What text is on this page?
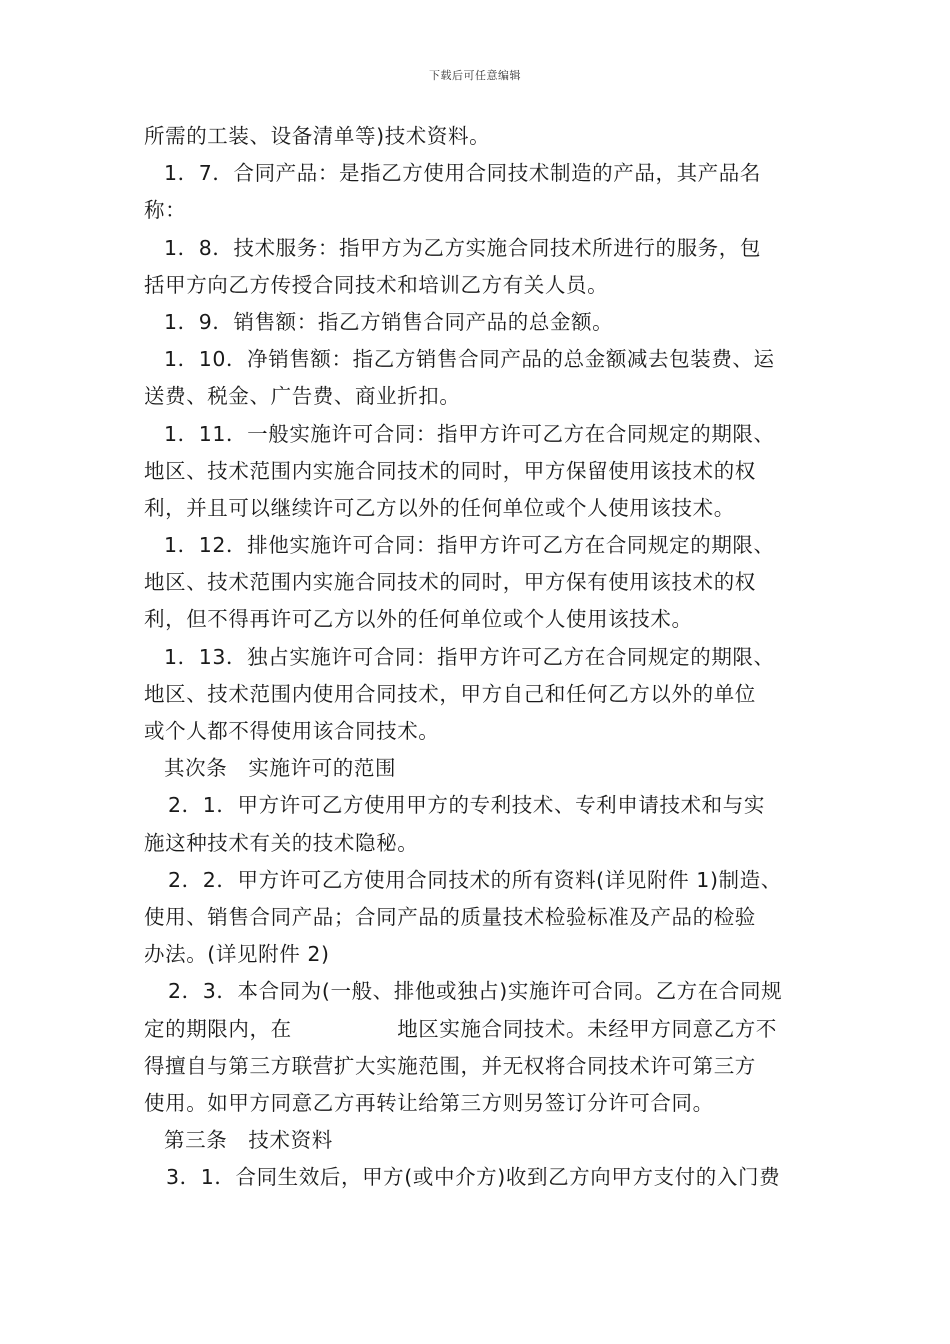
下载后可任意编辑
所需的工装、设备清单等)技术资料。
1．7．合同产品：是指乙方使用合同技术制造的产品，其产品名
称：
1．8．技术服务：指甲方为乙方实施合同技术所进行的服务，包
括甲方向乙方传授合同技术和培训乙方有关人员。
1．9．销售额：指乙方销售合同产品的总金额。
1．10．净销售额：指乙方销售合同产品的总金额减去包装费、运
送费、税金、广告费、商业折扣。
1．11．一般实施许可合同：指甲方许可乙方在合同规定的期限、
地区、技术范围内实施合同技术的同时，甲方保留使用该技术的权
利，并且可以继续许可乙方以外的任何单位或个人使用该技术。
1．12．排他实施许可合同：指甲方许可乙方在合同规定的期限、
地区、技术范围内实施合同技术的同时，甲方保有使用该技术的权
利，但不得再许可乙方以外的任何单位或个人使用该技术。
1．13．独占实施许可合同：指甲方许可乙方在合同规定的期限、
地区、技术范围内使用合同技术，甲方自己和任何乙方以外的单位
或个人都不得使用该合同技术。
其次条　实施许可的范围
2．1．甲方许可乙方使用甲方的专利技术、专利申请技术和与实
施这种技术有关的技术隐秘。
2．2．甲方许可乙方使用合同技术的所有资料(详见附件 1)制造、
使用、销售合同产品；合同产品的质量技术检验标准及产品的检验
办法。(详见附件 2)
2．3．本合同为(一般、排他或独占)实施许可合同。乙方在合同规
定的期限内，在　　　　　地区实施合同技术。未经甲方同意乙方不
得擅自与第三方联营扩大实施范围，并无权将合同技术许可第三方
使用。如甲方同意乙方再转让给第三方则另签订分许可合同。
第三条　技术资料
3．1．合同生效后，甲方(或中介方)收到乙方向甲方支付的入门费
